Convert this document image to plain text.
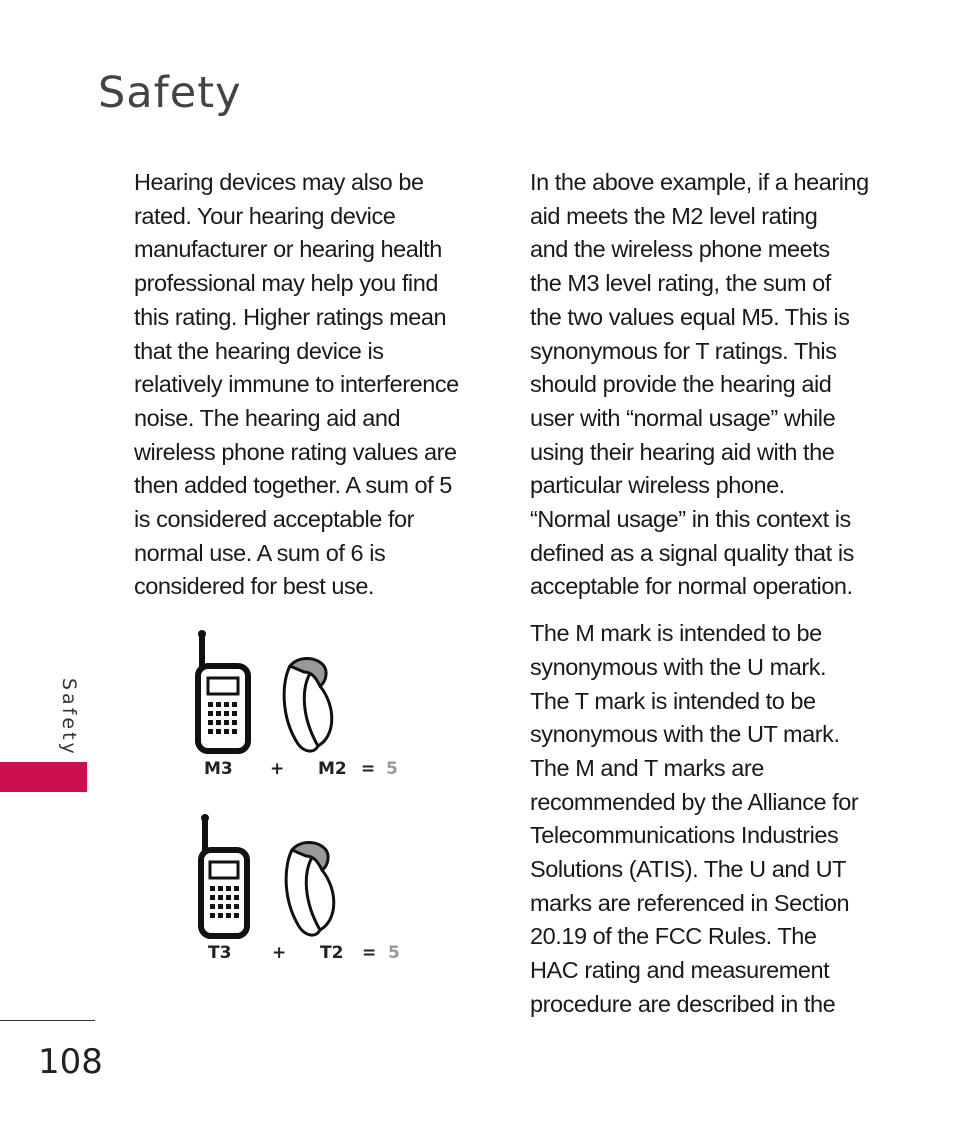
Safety

Hearing devices may also be
rated. Your hearing device
manufacturer or hearing health
professional may help you find
this rating. Higher ratings mean
that the hearing device is
relatively immune to interference
noise. The hearing aid and
wireless phone rating values are
then added together. A sum of 5
is considered acceptable for
normal use. A sum of 6 is
considered for best use.

M3 + M2 = 5
T3 + T2 = 5

In the above example, if a hearing
aid meets the M2 level rating
and the wireless phone meets
the M3 level rating, the sum of
the two values equal M5. This is
synonymous for T ratings. This
should provide the hearing aid
user with “normal usage” while
using their hearing aid with the
particular wireless phone.
“Normal usage” in this context is
defined as a signal quality that is
acceptable for normal operation.

The M mark is intended to be
synonymous with the U mark.
The T mark is intended to be
synonymous with the UT mark.
The M and T marks are
recommended by the Alliance for
Telecommunications Industries
Solutions (ATIS). The U and UT
marks are referenced in Section
20.19 of the FCC Rules. The
HAC rating and measurement
procedure are described in the

Safety
108
